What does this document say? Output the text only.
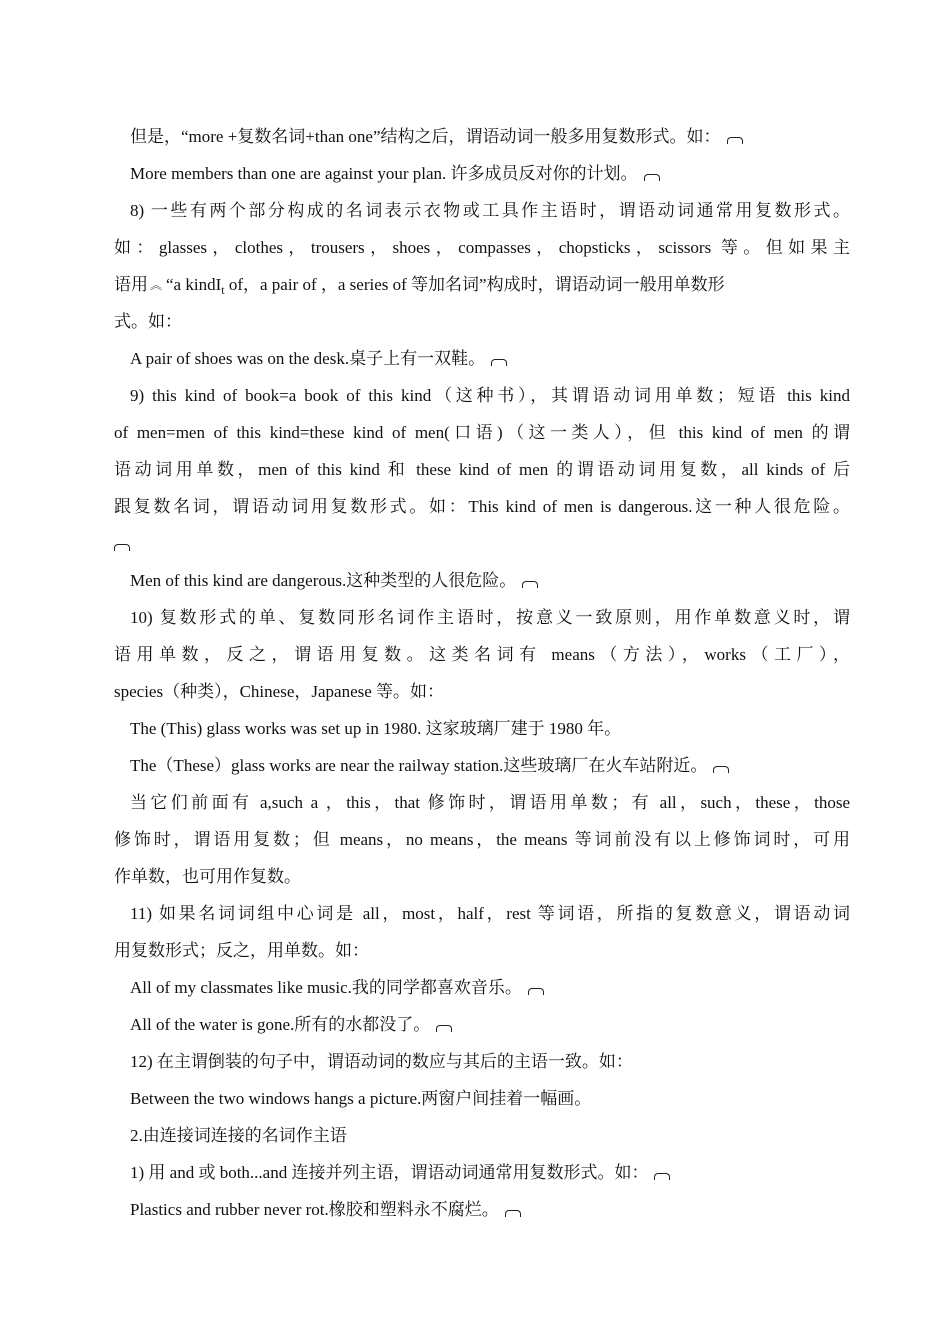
但是，“more +复数名词+than one”结构之后，谓语动词一般多用复数形式。如：
More members than one are against your plan. 许多成员反对你的计划。
8) 一些有两个部分构成的名词表示衣物或工具作主语时，谓语动词通常用复数形式。
如：glasses，clothes，trousers，shoes，compasses，chopsticks，scissors 等。但如果主
语用 ︽ “a kindI$_t$ of，a pair of ，a series of 等加名词”构成时，谓语动词一般用单数形
式。如：
A pair of shoes was on the desk.桌子上有一双鞋。
9) this kind of book=a book of this kind（这种书），其谓语动词用单数；短语 this kind
of men=men of this kind=these kind of men(口语)（这一类人），但 this kind of men 的谓
语动词用单数，men of this kind 和 these kind of men 的谓语动词用复数，all kinds of 后
跟复数名词，谓语动词用复数形式。如：This kind of men is dangerous.这一种人很危险。
Men of this kind are dangerous.这种类型的人很危险。
10) 复数形式的单、复数同形名词作主语时，按意义一致原则，用作单数意义时，谓
语用单数，反之，谓语用复数。这类名词有 means（方法），works（工厂），
species（种类），Chinese，Japanese 等。如：
The (This) glass works was set up in 1980. 这家玻璃厂建于 1980 年。
The（These）glass works are near the railway station.这些玻璃厂在火车站附近。
当它们前面有 a,such a ，this，that 修饰时，谓语用单数；有 all，such，these，those
修饰时，谓语用复数；但 means，no means，the means 等词前没有以上修饰词时，可用
作单数，也可用作复数。
11) 如果名词词组中心词是 all，most，half，rest 等词语，所指的复数意义，谓语动词
用复数形式；反之，用单数。如：
All of my classmates like music.我的同学都喜欢音乐。
All of the water is gone.所有的水都没了。
12) 在主谓倒装的句子中，谓语动词的数应与其后的主语一致。如：
Between the two windows hangs a picture.两窗户间挂着一幅画。
2.由连接词连接的名词作主语
1) 用 and 或 both...and 连接并列主语，谓语动词通常用复数形式。如：
Plastics and rubber never rot.橡胶和塑料永不腐烂。
